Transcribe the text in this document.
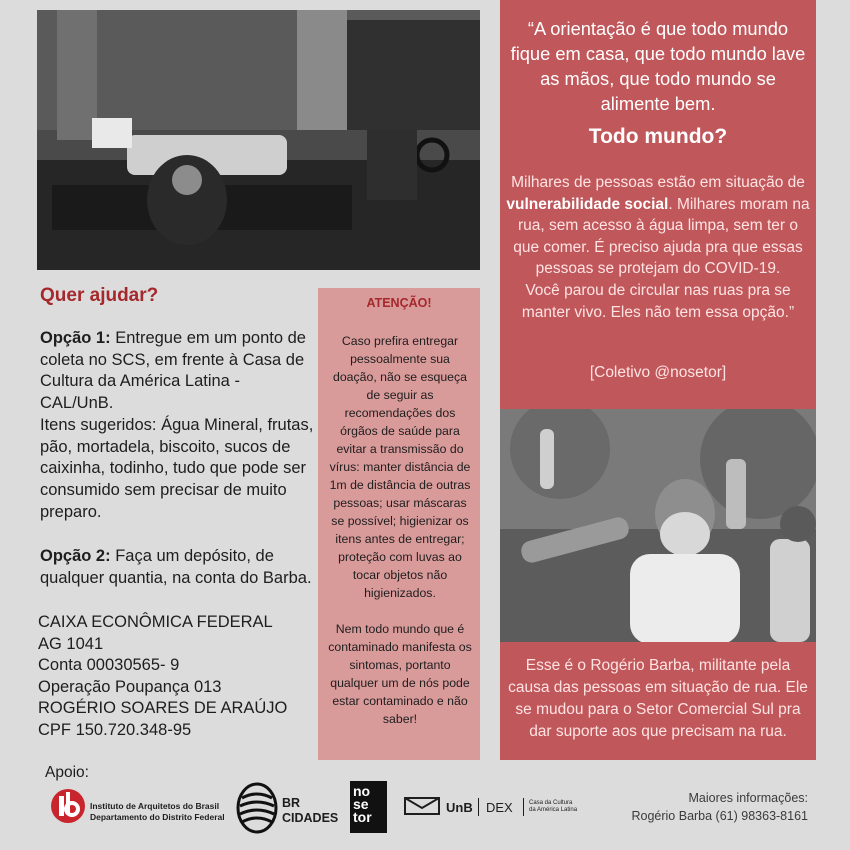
Quer ajudar?
Opção 1: Entregue em um ponto de coleta no SCS, em frente à Casa de Cultura da América Latina - CAL/UnB.
Itens sugeridos: Água Mineral, frutas, pão, mortadela, biscoito, sucos de caixinha, todinho, tudo que pode ser consumido sem precisar de muito preparo.
Opção 2: Faça um depósito, de qualquer quantia, na conta do Barba.
CAIXA ECONÔMICA FEDERAL
AG 1041
Conta 00030565- 9
Operação Poupança 013
ROGÉRIO SOARES DE ARAÚJO
CPF 150.720.348-95
ATENÇÃO!

Caso prefira entregar pessoalmente sua doação, não se esqueça de seguir as recomendações dos órgãos de saúde para evitar a transmissão do vírus: manter distância de 1m de distância de outras pessoas; usar máscaras se possível; higienizar os itens antes de entregar; proteção com luvas ao tocar objetos não higienizados.

Nem todo mundo que é contaminado manifesta os sintomas, portanto qualquer um de nós pode estar contaminado e não saber!

“A orientação é que todo mundo fique em casa, que todo mundo lave as mãos, que todo mundo se alimente bem.
Todo mundo?
Milhares de pessoas estão em situação de vulnerabilidade social. Milhares moram na rua, sem acesso à água limpa, sem ter o que comer. É preciso ajuda pra que essas pessoas se protejam do COVID-19.
Você parou de circular nas ruas pra se manter vivo. Eles não tem essa opção.”
[Coletivo @nosetor]
Esse é o Rogério Barba, militante pela causa das pessoas em situação de rua. Ele se mudou para o Setor Comercial Sul pra dar suporte aos que precisam na rua.
Apoio:
Instituto de Arquitetos do Brasil
Departamento do Distrito Federal
BR
CIDADES
no
se
tor
UnB DEX	Casa da Cultura
da América Latina
Maiores informações:
Rogério Barba (61) 98363-8161
